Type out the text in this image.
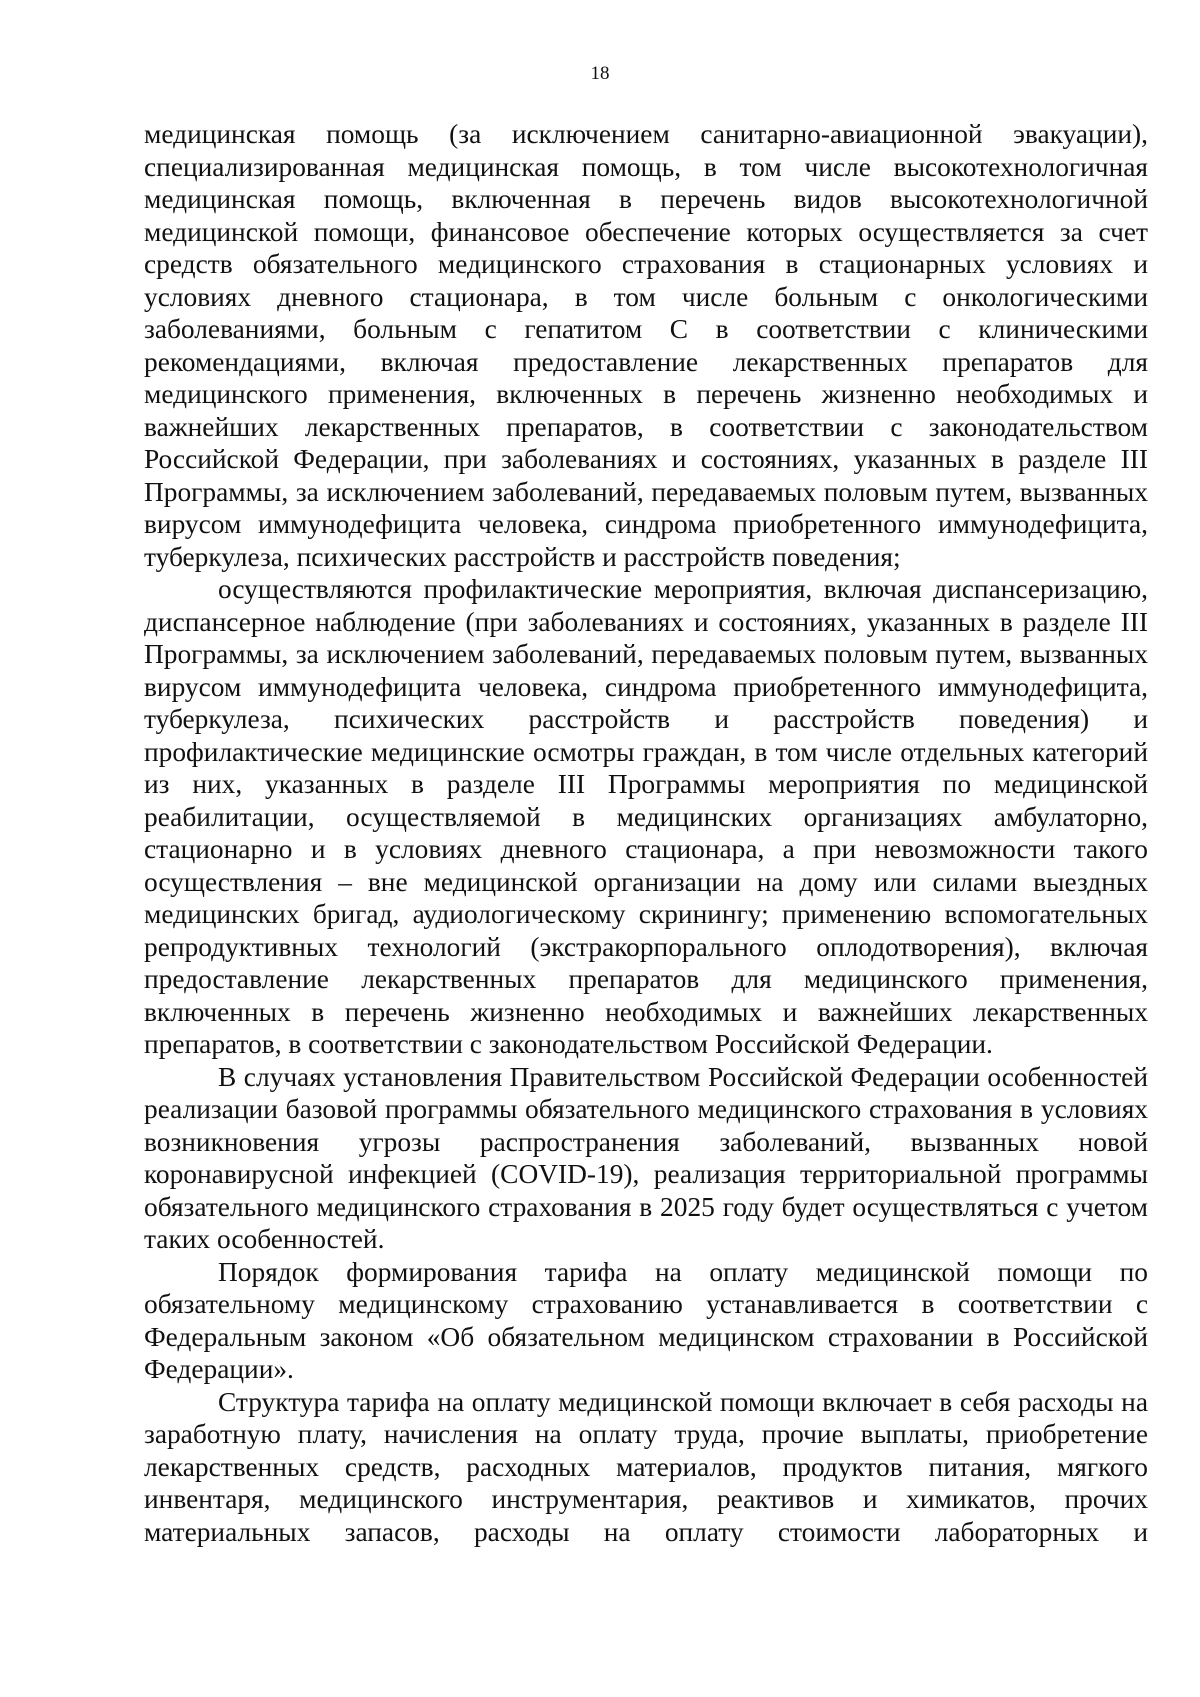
18

медицинская помощь (за исключением санитарно-авиационной эвакуации), специализированная медицинская помощь, в том числе высокотехнологичная медицинская помощь, включенная в перечень видов высокотехнологичной медицинской помощи, финансовое обеспечение которых осуществляется за счет средств обязательного медицинского страхования в стационарных условиях и условиях дневного стационара, в том числе больным с онкологическими заболеваниями, больным с гепатитом С в соответствии с клиническими рекомендациями, включая предоставление лекарственных препаратов для медицинского применения, включенных в перечень жизненно необходимых и важнейших лекарственных препаратов, в соответствии с законодательством Российской Федерации, при заболеваниях и состояниях, указанных в разделе III Программы, за исключением заболеваний, передаваемых половым путем, вызванных вирусом иммунодефицита человека, синдрома приобретенного иммунодефицита, туберкулеза, психических расстройств и расстройств поведения;

осуществляются профилактические мероприятия, включая диспансеризацию, диспансерное наблюдение (при заболеваниях и состояниях, указанных в разделе III Программы, за исключением заболеваний, передаваемых половым путем, вызванных вирусом иммунодефицита человека, синдрома приобретенного иммунодефицита, туберкулеза, психических расстройств и расстройств поведения) и профилактические медицинские осмотры граждан, в том числе отдельных категорий из них, указанных в разделе III Программы мероприятия по медицинской реабилитации, осуществляемой в медицинских организациях амбулаторно, стационарно и в условиях дневного стационара, а при невозможности такого осуществления – вне медицинской организации на дому или силами выездных медицинских бригад, аудиологическому скринингу; применению вспомогательных репродуктивных технологий (экстракорпорального оплодотворения), включая предоставление лекарственных препаратов для медицинского применения, включенных в перечень жизненно необходимых и важнейших лекарственных препаратов, в соответствии с законодательством Российской Федерации.

В случаях установления Правительством Российской Федерации особенностей реализации базовой программы обязательного медицинского страхования в условиях возникновения угрозы распространения заболеваний, вызванных новой коронавирусной инфекцией (COVID-19), реализация территориальной программы обязательного медицинского страхования в 2025 году будет осуществляться с учетом таких особенностей.

Порядок формирования тарифа на оплату медицинской помощи по обязательному медицинскому страхованию устанавливается в соответствии с Федеральным законом «Об обязательном медицинском страховании в Российской Федерации».

Структура тарифа на оплату медицинской помощи включает в себя расходы на заработную плату, начисления на оплату труда, прочие выплаты, приобретение лекарственных средств, расходных материалов, продуктов питания, мягкого инвентаря, медицинского инструментария, реактивов и химикатов, прочих материальных запасов, расходы на оплату стоимости лабораторных и
